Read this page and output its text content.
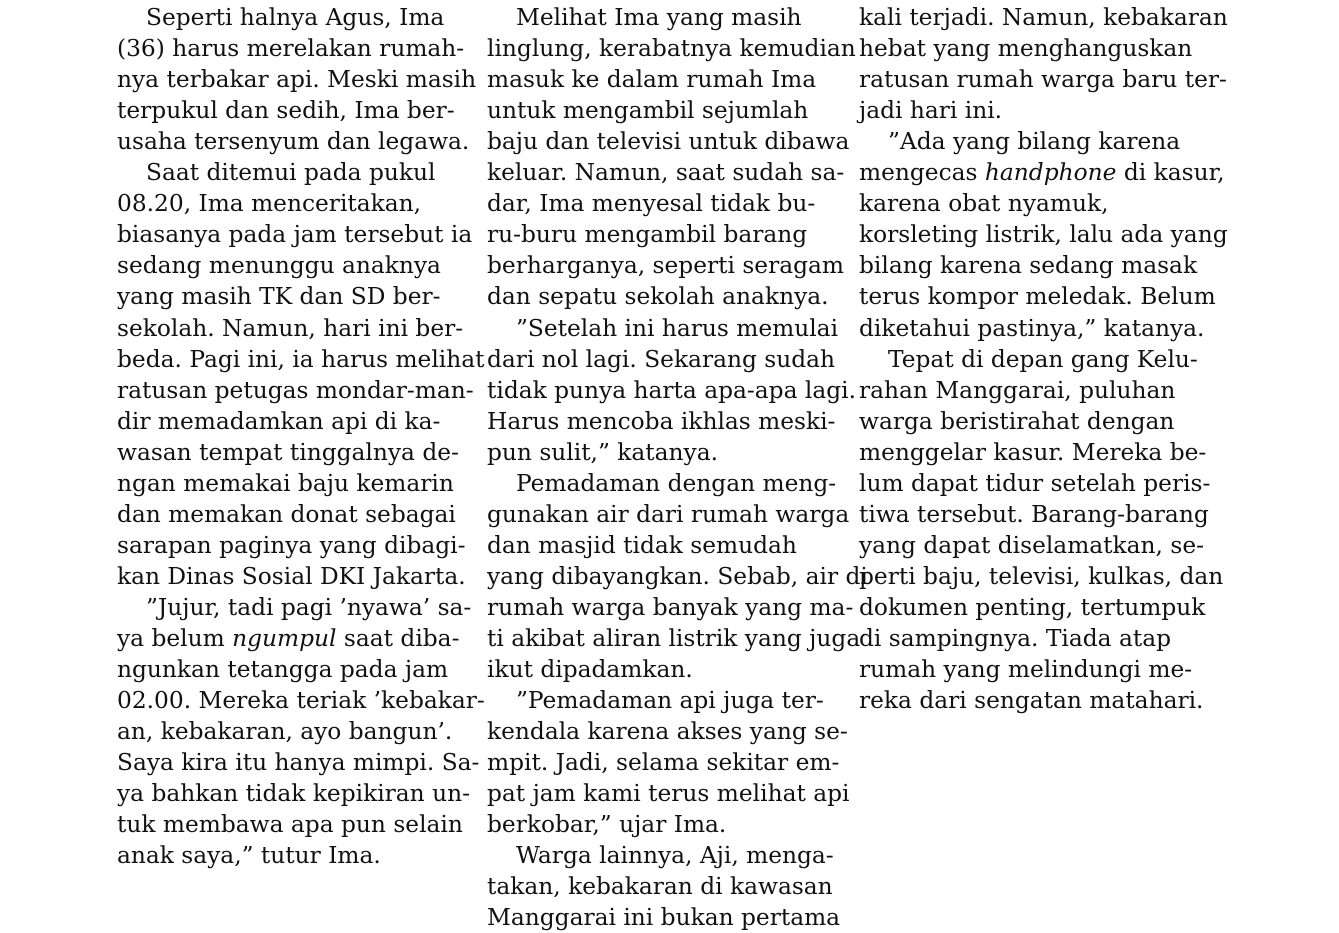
Seperti halnya Agus, Ima
(36) harus merelakan rumah-
nya terbakar api. Meski masih
terpukul dan sedih, Ima ber-
usaha tersenyum dan legawa.
Saat ditemui pada pukul
08.20, Ima menceritakan,
biasanya pada jam tersebut ia
sedang menunggu anaknya
yang masih TK dan SD ber-
sekolah. Namun, hari ini ber-
beda. Pagi ini, ia harus melihat
ratusan petugas mondar-man-
dir memadamkan api di ka-
wasan tempat tinggalnya de-
ngan memakai baju kemarin
dan memakan donat sebagai
sarapan paginya yang dibagi-
kan Dinas Sosial DKI Jakarta.
”Jujur, tadi pagi ’nyawa’ sa-
ya belum ngumpul saat diba-
ngunkan tetangga pada jam
02.00. Mereka teriak ’kebakar-
an, kebakaran, ayo bangun’.
Saya kira itu hanya mimpi. Sa-
ya bahkan tidak kepikiran un-
tuk membawa apa pun selain
anak saya,” tutur Ima.
Melihat Ima yang masih
linglung, kerabatnya kemudian
masuk ke dalam rumah Ima
untuk mengambil sejumlah
baju dan televisi untuk dibawa
keluar. Namun, saat sudah sa-
dar, Ima menyesal tidak bu-
ru-buru mengambil barang
berharganya, seperti seragam
dan sepatu sekolah anaknya.
”Setelah ini harus memulai
dari nol lagi. Sekarang sudah
tidak punya harta apa-apa lagi.
Harus mencoba ikhlas meski-
pun sulit,” katanya.
Pemadaman dengan meng-
gunakan air dari rumah warga
dan masjid tidak semudah
yang dibayangkan. Sebab, air di
rumah warga banyak yang ma-
ti akibat aliran listrik yang juga
ikut dipadamkan.
”Pemadaman api juga ter-
kendala karena akses yang se-
mpit. Jadi, selama sekitar em-
pat jam kami terus melihat api
berkobar,” ujar Ima.
Warga lainnya, Aji, menga-
takan, kebakaran di kawasan
Manggarai ini bukan pertama
kali terjadi. Namun, kebakaran
hebat yang menghanguskan
ratusan rumah warga baru ter-
jadi hari ini.
”Ada yang bilang karena
mengecas handphone di kasur,
karena obat nyamuk,
korsleting listrik, lalu ada yang
bilang karena sedang masak
terus kompor meledak. Belum
diketahui pastinya,” katanya.
Tepat di depan gang Kelu-
rahan Manggarai, puluhan
warga beristirahat dengan
menggelar kasur. Mereka be-
lum dapat tidur setelah peris-
tiwa tersebut. Barang-barang
yang dapat diselamatkan, se-
perti baju, televisi, kulkas, dan
dokumen penting, tertumpuk
di sampingnya. Tiada atap
rumah yang melindungi me-
reka dari sengatan matahari.
